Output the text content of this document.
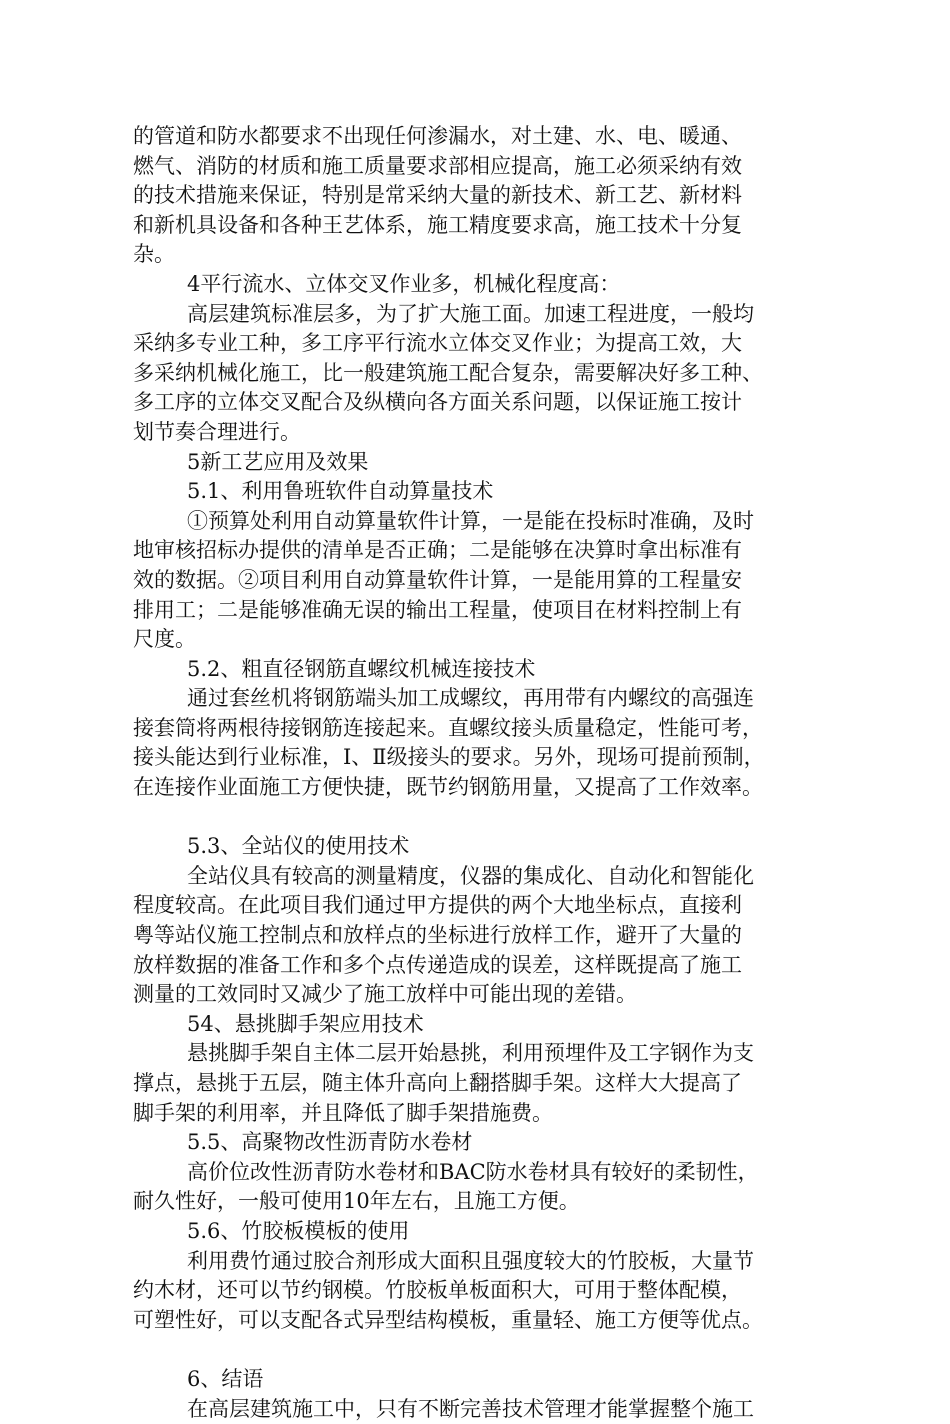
的管道和防水都要求不出现任何渗漏水，对土建、水、电、暖通、
燃气、消防的材质和施工质量要求部相应提高，施工必须采纳有效
的技术措施来保证，特别是常采纳大量的新技术、新工艺、新材料
和新机具设备和各种王艺体系，施工精度要求高，施工技术十分复
杂。
4平行流水、立体交叉作业多，机械化程度高：
高层建筑标准层多，为了扩大施工面。加速工程进度，一般均
采纳多专业工种，多工序平行流水立体交叉作业；为提高工效，大
多采纳机械化施工，比一般建筑施工配合复杂，需要解决好多工种、
多工序的立体交叉配合及纵横向各方面关系问题，以保证施工按计
划节奏合理进行。
5新工艺应用及效果
5.1、利用鲁班软件自动算量技术
①预算处利用自动算量软件计算，一是能在投标时准确，及时
地审核招标办提供的清单是否正确；二是能够在决算时拿出标准有
效的数据。②项目利用自动算量软件计算，一是能用算的工程量安
排用工；二是能够准确无误的输出工程量，使项目在材料控制上有
尺度。
5.2、粗直径钢筋直螺纹机械连接技术
通过套丝机将钢筋端头加工成螺纹，再用带有内螺纹的高强连
接套筒将两根待接钢筋连接起来。直螺纹接头质量稳定，性能可考，
接头能达到行业标准，I、Ⅱ级接头的要求。另外，现场可提前预制，
在连接作业面施工方便快捷，既节约钢筋用量，又提高了工作效率。
5.3、全站仪的使用技术
全站仪具有较高的测量精度，仪器的集成化、自动化和智能化
程度较高。在此项目我们通过甲方提供的两个大地坐标点，直接利
粤等站仪施工控制点和放样点的坐标进行放样工作，避开了大量的
放样数据的准备工作和多个点传递造成的误差，这样既提高了施工
测量的工效同时又减少了施工放样中可能出现的差错。
54、悬挑脚手架应用技术
悬挑脚手架自主体二层开始悬挑，利用预埋件及工字钢作为支
撑点，悬挑于五层，随主体升高向上翻搭脚手架。这样大大提高了
脚手架的利用率，并且降低了脚手架措施费。
5.5、高聚物改性沥青防水卷材
高价位改性沥青防水卷材和BAC防水卷材具有较好的柔韧性，
耐久性好，一般可使用10年左右，且施工方便。
5.6、竹胶板模板的使用
利用费竹通过胶合剂形成大面积且强度较大的竹胶板，大量节
约木材，还可以节约钢模。竹胶板单板面积大，可用于整体配模，
可塑性好，可以支配各式异型结构模板，重量轻、施工方便等优点。
6、结语
在高层建筑施工中，只有不断完善技术管理才能掌握整个施工
